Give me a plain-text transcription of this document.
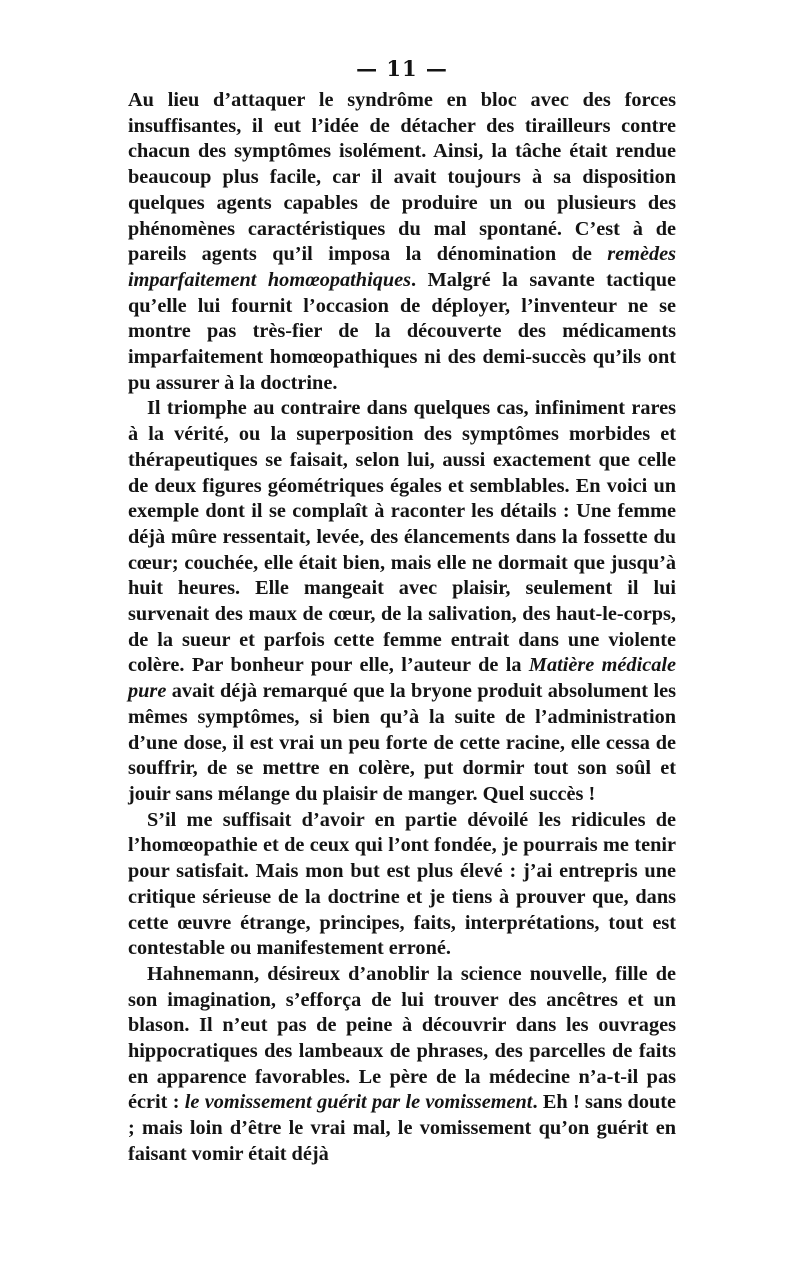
— 11 —

Au lieu d’attaquer le syndrôme en bloc avec des forces insuffisantes, il eut l’idée de détacher des tirailleurs contre chacun des symptômes isolément. Ainsi, la tâche était rendue beaucoup plus facile, car il avait toujours à sa disposition quelques agents capables de produire un ou plusieurs des phénomènes caractéristiques du mal spontané. C’est à de pareils agents qu’il imposa la dénomination de remèdes imparfaitement homœopathiques. Malgré la savante tactique qu’elle lui fournit l’occasion de déployer, l’inventeur ne se montre pas très-fier de la découverte des médicaments imparfaitement homœopathiques ni des demi-succès qu’ils ont pu assurer à la doctrine.

Il triomphe au contraire dans quelques cas, infiniment rares à la vérité, ou la superposition des symptômes morbides et thérapeutiques se faisait, selon lui, aussi exactement que celle de deux figures géométriques égales et semblables. En voici un exemple dont il se complaît à raconter les détails : Une femme déjà mûre ressentait, levée, des élancements dans la fossette du cœur; couchée, elle était bien, mais elle ne dormait que jusqu’à huit heures. Elle mangeait avec plaisir, seulement il lui survenait des maux de cœur, de la salivation, des haut-le-corps, de la sueur et parfois cette femme entrait dans une violente colère. Par bonheur pour elle, l’auteur de la Matière médicale pure avait déjà remarqué que la bryone produit absolument les mêmes symptômes, si bien qu’à la suite de l’administration d’une dose, il est vrai un peu forte de cette racine, elle cessa de souffrir, de se mettre en colère, put dormir tout son soûl et jouir sans mélange du plaisir de manger. Quel succès !

S’il me suffisait d’avoir en partie dévoilé les ridicules de l’homœopathie et de ceux qui l’ont fondée, je pourrais me tenir pour satisfait. Mais mon but est plus élevé : j’ai entrepris une critique sérieuse de la doctrine et je tiens à prouver que, dans cette œuvre étrange, principes, faits, interprétations, tout est contestable ou manifestement erroné.

Hahnemann, désireux d’anoblir la science nouvelle, fille de son imagination, s’efforça de lui trouver des ancêtres et un blason. Il n’eut pas de peine à découvrir dans les ouvrages hippocratiques des lambeaux de phrases, des parcelles de faits en apparence favorables. Le père de la médecine n’a-t-il pas écrit : le vomissement guérit par le vomissement. Eh ! sans doute ; mais loin d’être le vrai mal, le vomissement qu’on guérit en faisant vomir était déjà
